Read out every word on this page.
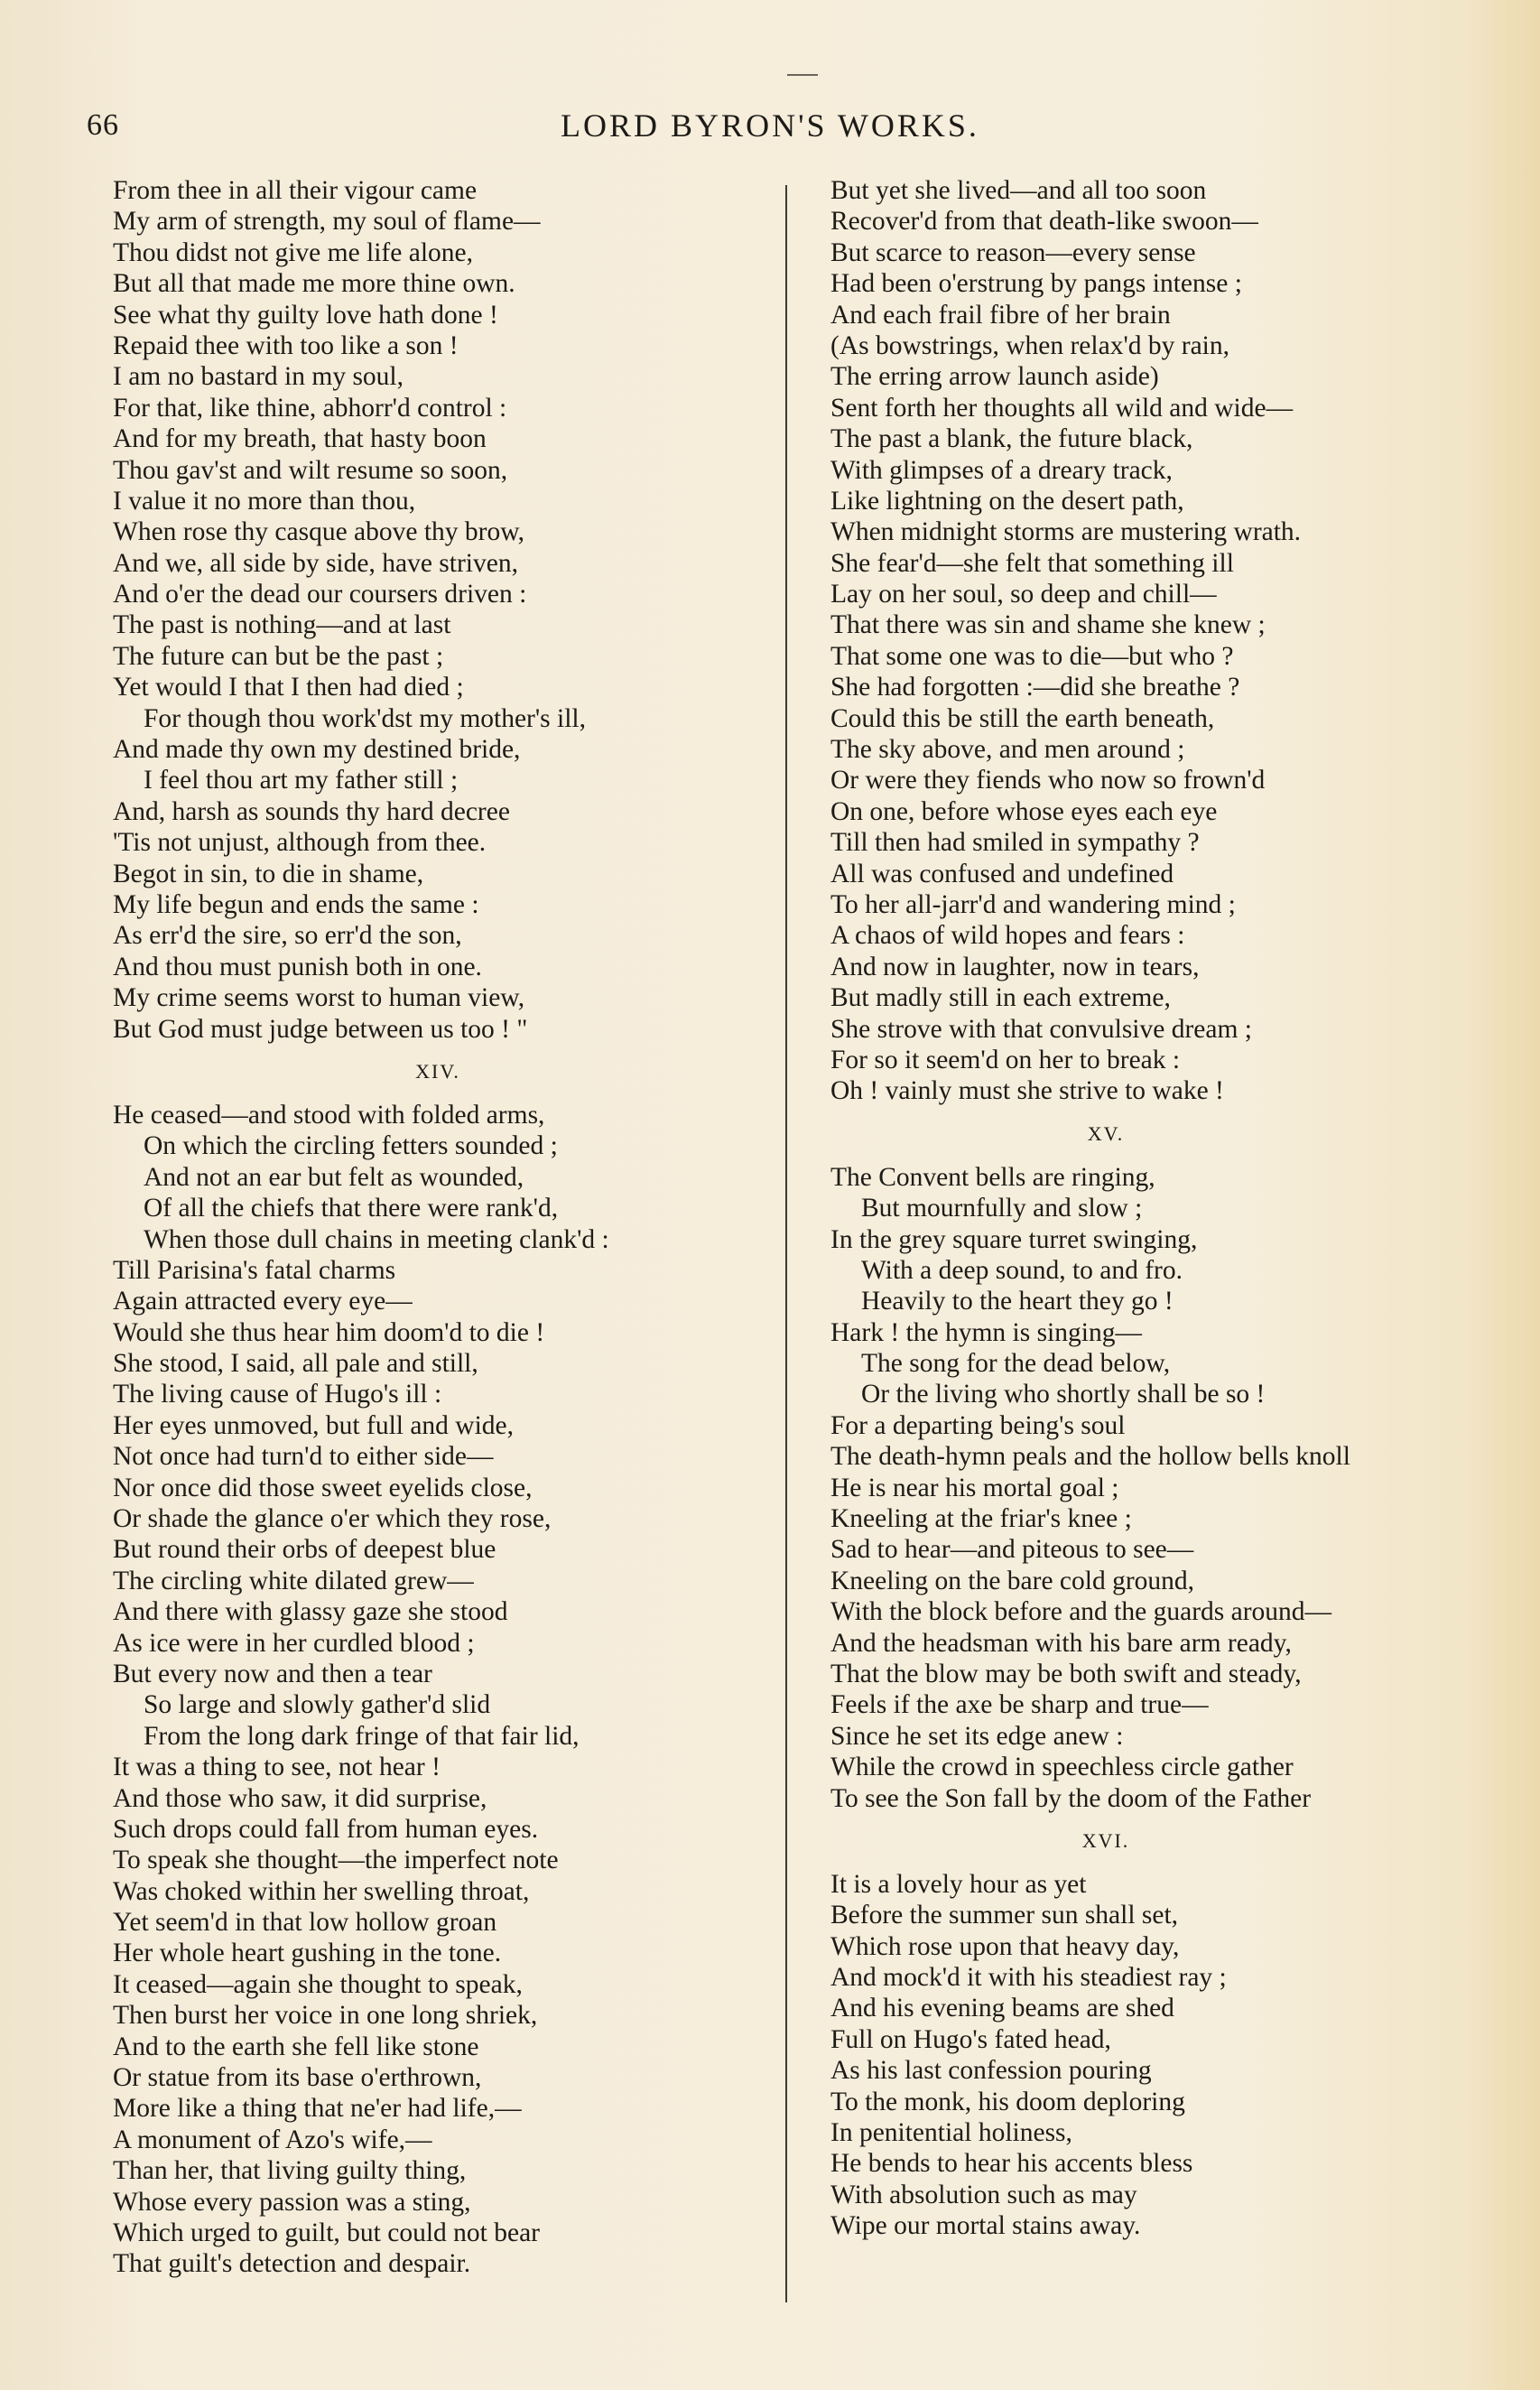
66	LORD BYRON'S WORKS.
From thee in all their vigour came
My arm of strength, my soul of flame—
Thou didst not give me life alone,
But all that made me more thine own.
See what thy guilty love hath done !
Repaid thee with too like a son !
I am no bastard in my soul,
For that, like thine, abhorr'd control :
And for my breath, that hasty boon
Thou gav'st and wilt resume so soon,
I value it no more than thou,
When rose thy casque above thy brow,
And we, all side by side, have striven,
And o'er the dead our coursers driven :
The past is nothing—and at last
The future can but be the past ;
Yet would I that I then had died ;
For though thou work'dst my mother's ill,
And made thy own my destined bride,
I feel thou art my father still ;
And, harsh as sounds thy hard decree
'Tis not unjust, although from thee.
Begot in sin, to die in shame,
My life begun and ends the same :
As err'd the sire, so err'd the son,
And thou must punish both in one.
My crime seems worst to human view,
But God must judge between us too ! "
XIV.
He ceased—and stood with folded arms,
On which the circling fetters sounded ;
And not an ear but felt as wounded,
Of all the chiefs that there were rank'd,
When those dull chains in meeting clank'd :
Till Parisina's fatal charms
Again attracted every eye—
Would she thus hear him doom'd to die !
She stood, I said, all pale and still,
The living cause of Hugo's ill :
Her eyes unmoved, but full and wide,
Not once had turn'd to either side—
Nor once did those sweet eyelids close,
Or shade the glance o'er which they rose,
But round their orbs of deepest blue
The circling white dilated grew—
And there with glassy gaze she stood
As ice were in her curdled blood ;
But every now and then a tear
So large and slowly gather'd slid
From the long dark fringe of that fair lid,
It was a thing to see, not hear !
And those who saw, it did surprise,
Such drops could fall from human eyes.
To speak she thought—the imperfect note
Was choked within her swelling throat,
Yet seem'd in that low hollow groan
Her whole heart gushing in the tone.
It ceased—again she thought to speak,
Then burst her voice in one long shriek,
And to the earth she fell like stone
Or statue from its base o'erthrown,
More like a thing that ne'er had life,—
A monument of Azo's wife,—
Than her, that living guilty thing,
Whose every passion was a sting,
Which urged to guilt, but could not bear
That guilt's detection and despair.
But yet she lived—and all too soon
Recover'd from that death-like swoon—
But scarce to reason—every sense
Had been o'erstrung by pangs intense ;
And each frail fibre of her brain
(As bowstrings, when relax'd by rain,
The erring arrow launch aside)
Sent forth her thoughts all wild and wide—
The past a blank, the future black,
With glimpses of a dreary track,
Like lightning on the desert path,
When midnight storms are mustering wrath.
She fear'd—she felt that something ill
Lay on her soul, so deep and chill—
That there was sin and shame she knew ;
That some one was to die—but who ?
She had forgotten :—did she breathe ?
Could this be still the earth beneath,
The sky above, and men around ;
Or were they fiends who now so frown'd
On one, before whose eyes each eye
Till then had smiled in sympathy ?
All was confused and undefined
To her all-jarr'd and wandering mind ;
A chaos of wild hopes and fears :
And now in laughter, now in tears,
But madly still in each extreme,
She strove with that convulsive dream ;
For so it seem'd on her to break :
Oh ! vainly must she strive to wake !
XV.
The Convent bells are ringing,
But mournfully and slow ;
In the grey square turret swinging,
With a deep sound, to and fro.
Heavily to the heart they go !
Hark ! the hymn is singing—
The song for the dead below,
Or the living who shortly shall be so !
For a departing being's soul
The death-hymn peals and the hollow bells knoll
He is near his mortal goal ;
Kneeling at the friar's knee ;
Sad to hear—and piteous to see—
Kneeling on the bare cold ground,
With the block before and the guards around—
And the headsman with his bare arm ready,
That the blow may be both swift and steady,
Feels if the axe be sharp and true—
Since he set its edge anew :
While the crowd in speechless circle gather
To see the Son fall by the doom of the Father
XVI.
It is a lovely hour as yet
Before the summer sun shall set,
Which rose upon that heavy day,
And mock'd it with his steadiest ray ;
And his evening beams are shed
Full on Hugo's fated head,
As his last confession pouring
To the monk, his doom deploring
In penitential holiness,
He bends to hear his accents bless
With absolution such as may
Wipe our mortal stains away.
